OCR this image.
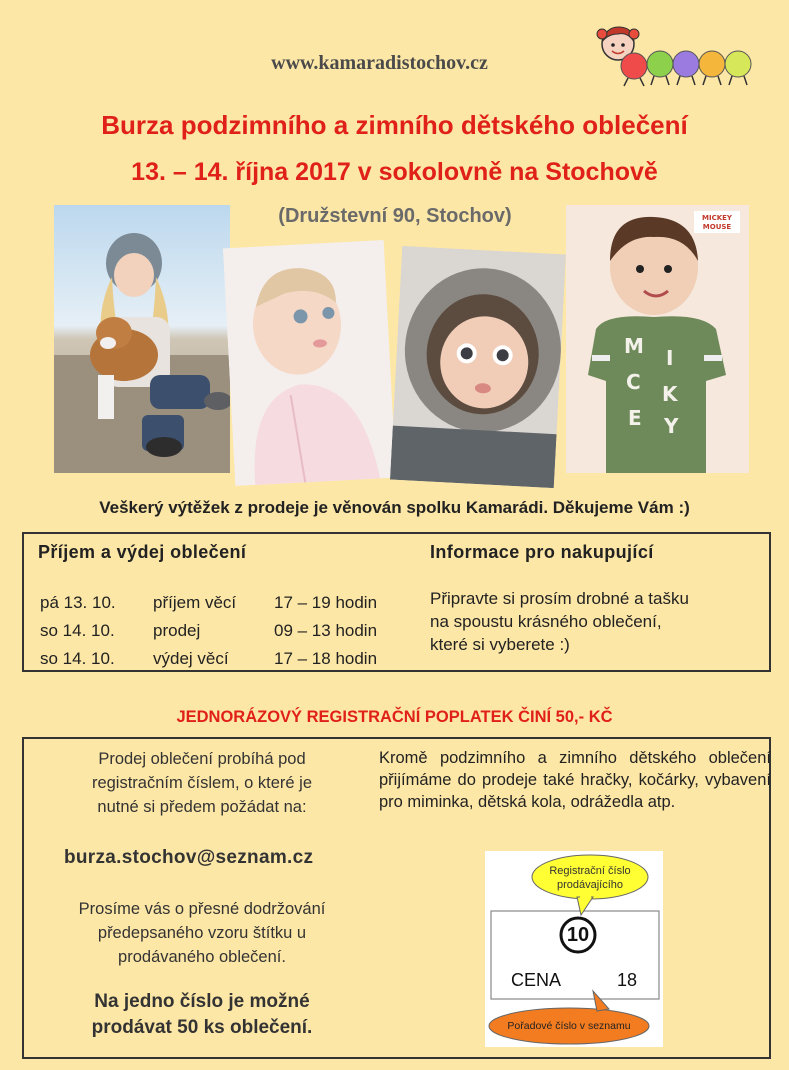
www.kamaradistochov.cz
Burza podzimního a zimního dětského oblečení
13. – 14. října 2017 v sokolovně na Stochově
(Družstevní 90, Stochov)
M I
C K
E Y
MICKEY
MOUSE
Veškerý výtěžek z prodeje je věnován spolku Kamarádi. Děkujeme Vám :)
Příjem a výdej oblečení
pá 13. 10.	příjem věcí	17 – 19 hodin
so 14. 10.	prodej	09 – 13 hodin
so 14. 10.	výdej věcí	17 – 18 hodin
Informace pro nakupující
Připravte si prosím drobné a tašku
na spoustu krásného oblečení,
které si vyberete :)
JEDNORÁZOVÝ REGISTRAČNÍ POPLATEK ČINÍ 50,- KČ
Prodej oblečení probíhá pod
registračním číslem, o které je
nutné si předem požádat na:
burza.stochov@seznam.cz
Prosíme vás o přesné dodržování
předepsaného vzoru štítku u
prodávaného oblečení.
Na jedno číslo je možné
prodávat 50 ks oblečení.
Kromě podzimního a zimního dětského oblečení přijímáme do prodeje také hračky, kočárky, vybavení pro miminka, dětská kola, odrážedla atp.
Registrační číslo
prodávajícího
10
CENA	18
Pořadové číslo v seznamu
